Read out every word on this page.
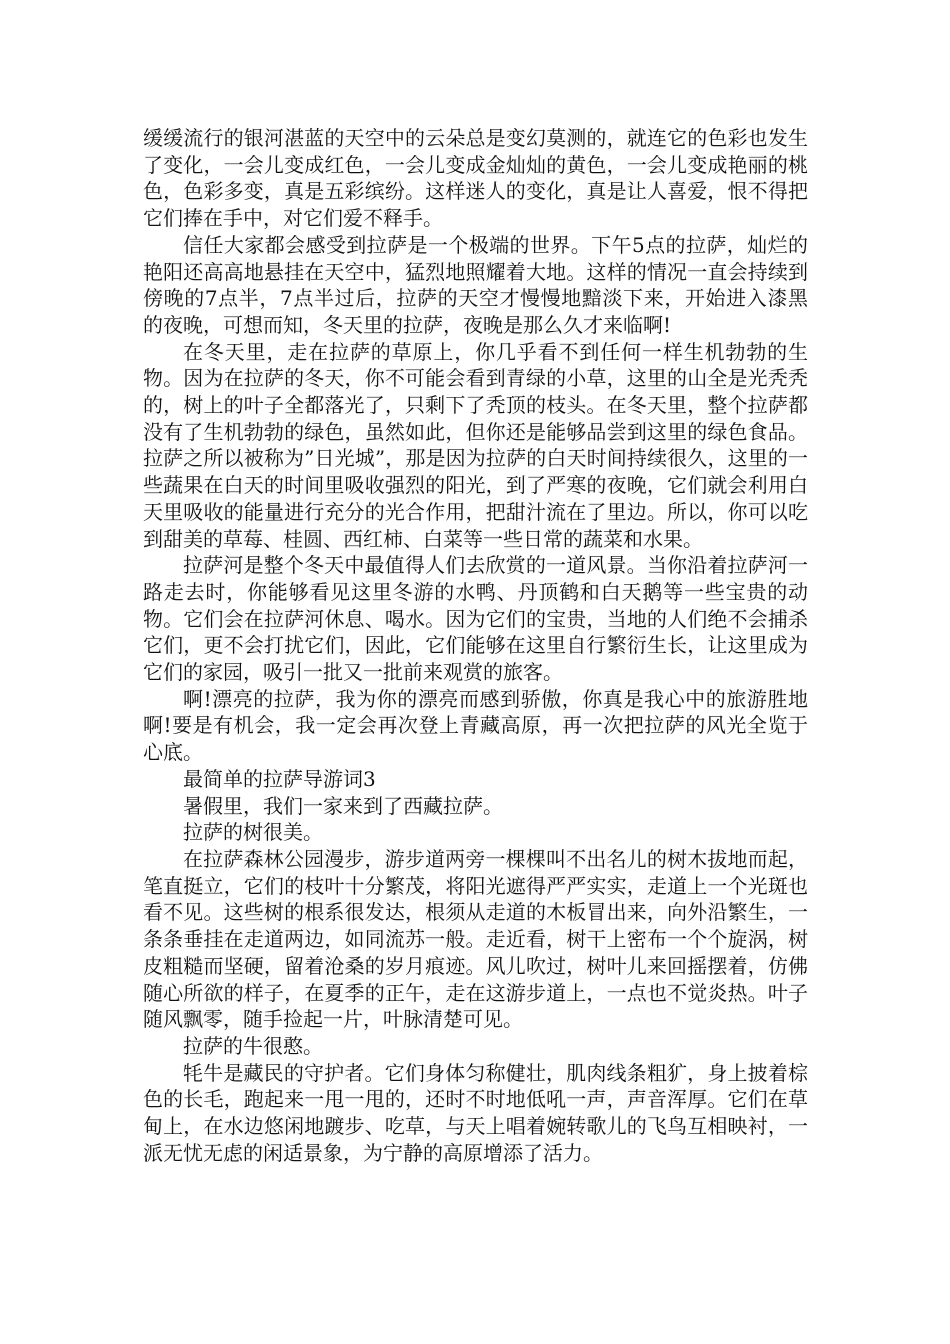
缓缓流行的银河湛蓝的天空中的云朵总是变幻莫测的，就连它的色彩也发生了变化，一会儿变成红色，一会儿变成金灿灿的黄色，一会儿变成艳丽的桃色，色彩多变，真是五彩缤纷。这样迷人的变化，真是让人喜爱，恨不得把它们捧在手中，对它们爱不释手。

信任大家都会感受到拉萨是一个极端的世界。下午5点的拉萨，灿烂的艳阳还高高地悬挂在天空中，猛烈地照耀着大地。这样的情况一直会持续到傍晚的7点半，7点半过后，拉萨的天空才慢慢地黯淡下来，开始进入漆黑的夜晚，可想而知，冬天里的拉萨，夜晚是那么久才来临啊!

在冬天里，走在拉萨的草原上，你几乎看不到任何一样生机勃勃的生物。因为在拉萨的冬天，你不可能会看到青绿的小草，这里的山全是光秃秃的，树上的叶子全都落光了，只剩下了秃顶的枝头。在冬天里，整个拉萨都没有了生机勃勃的绿色，虽然如此，但你还是能够品尝到这里的绿色食品。拉萨之所以被称为”日光城”，那是因为拉萨的白天时间持续很久，这里的一些蔬果在白天的时间里吸收强烈的阳光，到了严寒的夜晚，它们就会利用白天里吸收的能量进行充分的光合作用，把甜汁流在了里边。所以，你可以吃到甜美的草莓、桂圆、西红柿、白菜等一些日常的蔬菜和水果。

拉萨河是整个冬天中最值得人们去欣赏的一道风景。当你沿着拉萨河一路走去时，你能够看见这里冬游的水鸭、丹顶鹤和白天鹅等一些宝贵的动物。它们会在拉萨河休息、喝水。因为它们的宝贵，当地的人们绝不会捕杀它们，更不会打扰它们，因此，它们能够在这里自行繁衍生长，让这里成为它们的家园，吸引一批又一批前来观赏的旅客。

啊!漂亮的拉萨，我为你的漂亮而感到骄傲，你真是我心中的旅游胜地啊!要是有机会，我一定会再次登上青藏高原，再一次把拉萨的风光全览于心底。

最简单的拉萨导游词3

暑假里，我们一家来到了西藏拉萨。

拉萨的树很美。

在拉萨森林公园漫步，游步道两旁一棵棵叫不出名儿的树木拔地而起，笔直挺立，它们的枝叶十分繁茂，将阳光遮得严严实实，走道上一个光斑也看不见。这些树的根系很发达，根须从走道的木板冒出来，向外沿繁生，一条条垂挂在走道两边，如同流苏一般。走近看，树干上密布一个个旋涡，树皮粗糙而坚硬，留着沧桑的岁月痕迹。风儿吹过，树叶儿来回摇摆着，仿佛随心所欲的样子，在夏季的正午，走在这游步道上，一点也不觉炎热。叶子随风飘零，随手捡起一片，叶脉清楚可见。

拉萨的牛很憨。

牦牛是藏民的守护者。它们身体匀称健壮，肌肉线条粗犷，身上披着棕色的长毛，跑起来一甩一甩的，还时不时地低吼一声，声音浑厚。它们在草甸上，在水边悠闲地踱步、吃草，与天上唱着婉转歌儿的飞鸟互相映衬，一派无忧无虑的闲适景象，为宁静的高原增添了活力。
